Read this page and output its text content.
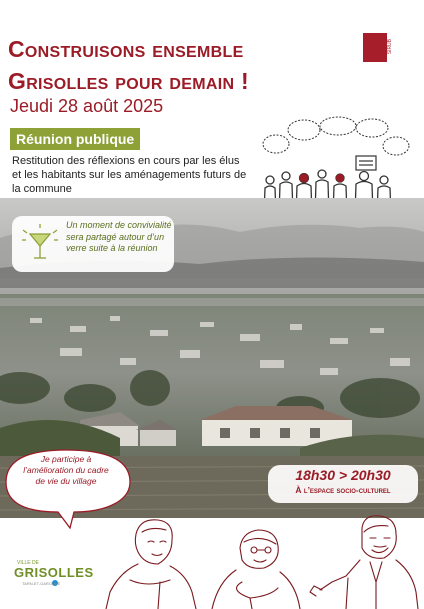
Construisons ensemble
Grisolles pour demain !
SIRUB
Jeudi 28 août 2025
Réunion publique
Restitution des réflexions en cours par les élus et les habitants sur les aménagements futurs de la commune
Un moment de convivialité sera partagé autour d’un verre suite à la réunion
18h30 > 20h30
À l’espace socio-culturel
Je participe à l’amélioration du cadre de vie du village
VILLE DE
GRISOLLES
TARN-ET-GARONNE
